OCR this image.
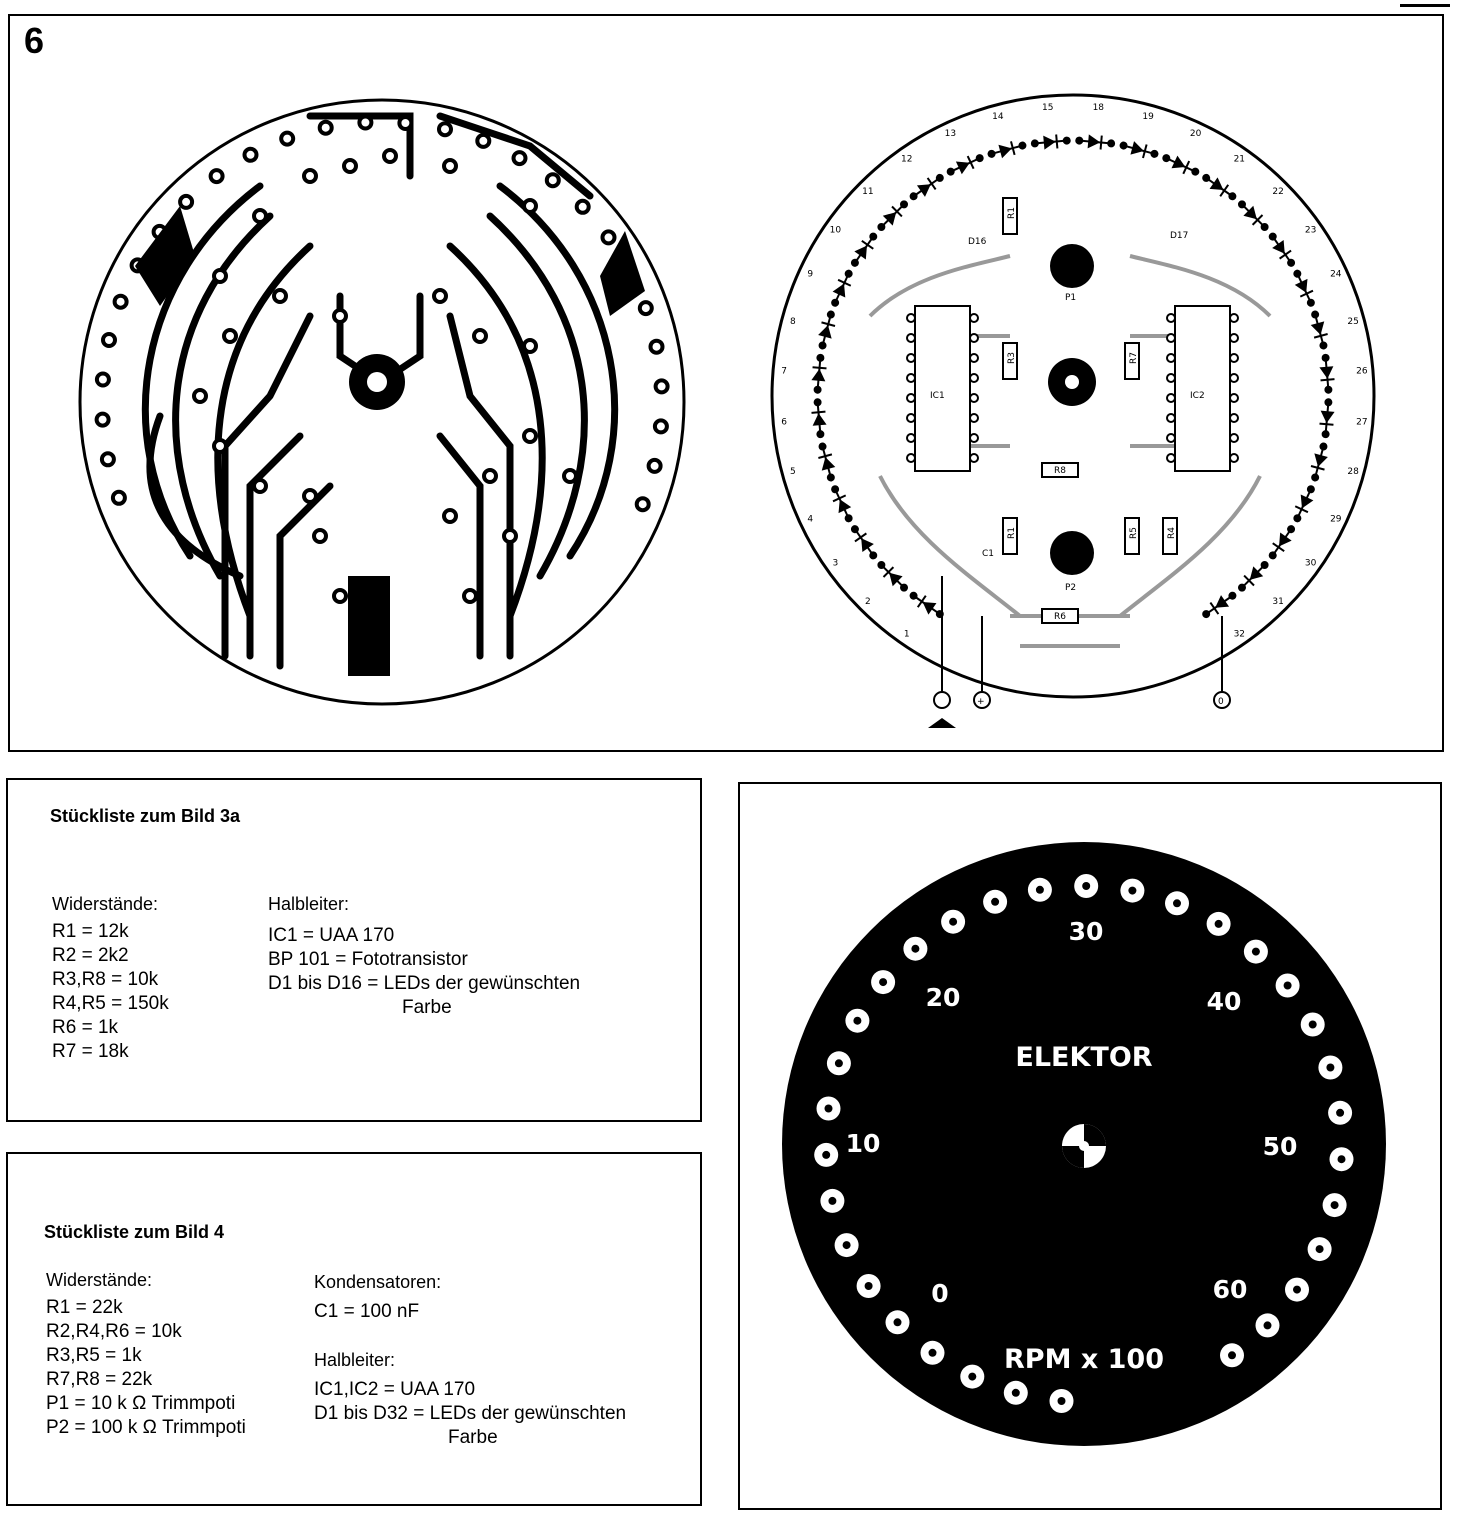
6
R1
R3
R1
R7
R5	R4
R8
R6
1
2
3
4
5
6
7
8
9
10
11
12
13
14
15	18
19
20
21
22
23
24
25
26
27
28
29
30
31
32
IC1	IC2
P1
P2
C1
D16
D17
+	0
Stückliste zum Bild 3a
Widerstände:
R1 = 12k
R2 = 2k2
R3,R8 = 10k
R4,R5 = 150k
R6 = 1k
R7 = 18k
Halbleiter:
IC1 = UAA 170
BP 101 = Fototransistor
D1 bis D16 = LEDs der gewünschten
Farbe
Stückliste zum Bild 4
Widerstände:
R1 = 22k
R2,R4,R6 = 10k
R3,R5 = 1k
R7,R8 = 22k
P1 = 10 k Ω Trimmpoti
P2 = 100 k Ω Trimmpoti
Kondensatoren:
C1 = 100 nF
Halbleiter:
IC1,IC2 = UAA 170
D1 bis D32 = LEDs der gewünschten
Farbe
ELEKTOR
RPM x 100
0
10
20
30
40
50
60
